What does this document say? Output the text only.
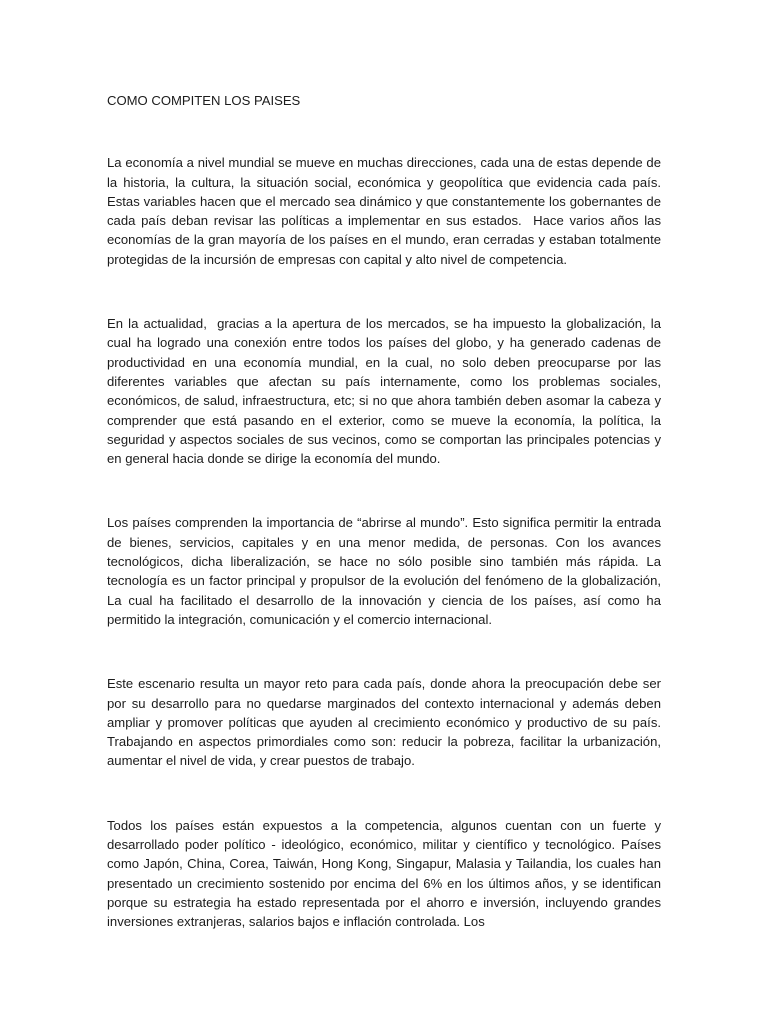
COMO COMPITEN LOS PAISES

La economía a nivel mundial se mueve en muchas direcciones, cada una de estas depende de la historia, la cultura, la situación social, económica y geopolítica que evidencia cada país.    Estas variables hacen que el mercado sea dinámico y que constantemente los gobernantes de cada país deban revisar las políticas a implementar en sus estados.  Hace varios años las economías de la gran mayoría de los países en el mundo, eran cerradas y estaban totalmente protegidas de la incursión de empresas con capital y alto nivel de competencia.

En la actualidad,  gracias a la apertura de los mercados, se ha impuesto la globalización, la cual ha logrado una conexión entre todos los países del globo, y ha generado cadenas de productividad en una economía mundial, en la cual, no solo deben preocuparse por las diferentes variables que afectan su país internamente, como los problemas sociales, económicos, de salud, infraestructura, etc; si no que ahora también deben asomar la cabeza y comprender que está pasando en el exterior, como se mueve la economía, la política, la seguridad y aspectos sociales de sus vecinos, como se comportan las principales potencias y en general hacia donde se dirige la economía del mundo.

Los países comprenden la importancia de “abrirse al mundo”. Esto significa permitir la entrada de bienes, servicios, capitales y en una menor medida, de personas. Con los avances tecnológicos, dicha liberalización, se hace no sólo posible sino también más rápida. La tecnología es un factor principal y propulsor de la evolución del fenómeno de la globalización,  La cual ha facilitado el desarrollo de la innovación y ciencia de los países, así como ha permitido la integración, comunicación y el comercio internacional.

Este escenario resulta un mayor reto para cada país, donde ahora la preocupación debe ser por su desarrollo para no quedarse marginados del contexto internacional y además deben ampliar y promover políticas que ayuden al crecimiento económico y productivo de su país. Trabajando en aspectos primordiales como son: reducir la pobreza, facilitar la urbanización, aumentar el nivel de vida, y crear puestos de trabajo.

Todos los países están expuestos a la competencia, algunos cuentan con un fuerte y desarrollado poder político - ideológico, económico, militar y científico y tecnológico. Países como Japón, China, Corea, Taiwán, Hong Kong, Singapur, Malasia y Tailandia, los cuales han presentado un crecimiento sostenido por encima del 6% en los últimos años, y se identifican porque su estrategia ha estado representada por el ahorro e inversión, incluyendo grandes inversiones extranjeras, salarios bajos e inflación controlada. Los
